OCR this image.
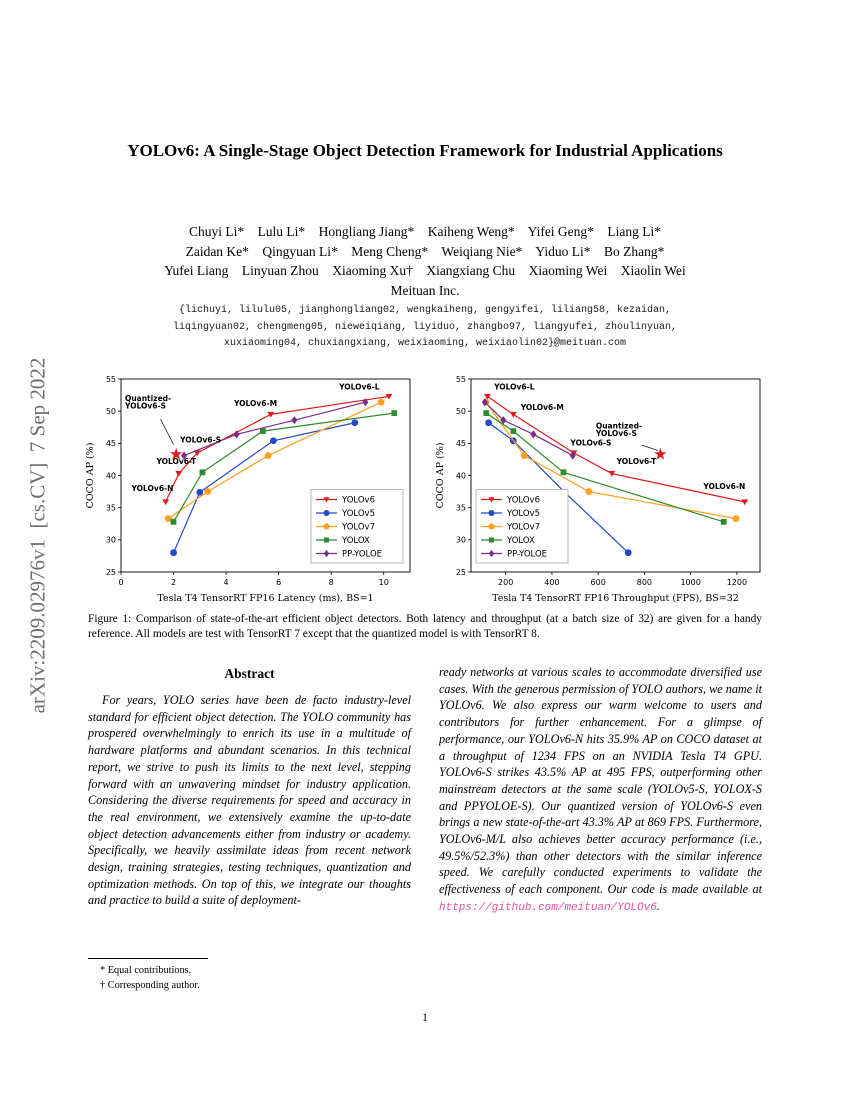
arXiv:2209.02976v1  [cs.CV]  7 Sep 2022
YOLOv6: A Single-Stage Object Detection Framework for Industrial Applications
Chuyi Li*    Lulu Li*    Hongliang Jiang*    Kaiheng Weng*    Yifei Geng*    Liang Li*
Zaidan Ke*    Qingyuan Li*    Meng Cheng*    Weiqiang Nie*    Yiduo Li*    Bo Zhang*
Yufei Liang    Linyuan Zhou    Xiaoming Xu†    Xiangxiang Chu    Xiaoming Wei    Xiaolin Wei
Meituan Inc.
{lichuyi, lilulu05, jianghongliang02, wengkaiheng, gengyifei, liliang58, kezaidan,
liqingyuan02, chengmeng05, nieweiqiang, liyiduo, zhangbo97, liangyufei, zhoulinyuan,
xuxiaoming04, chuxiangxiang, weixiaoming, weixiaolin02}@meituan.com
0	2	4	6	8	10
25
30
35
40
45
50
55
Tesla T4 TensorRT FP16 Latency (ms), BS=1
COCO AP (%)
Quantized-
YOLOv6-S
YOLOv6-N
YOLOv6-T
YOLOv6-S
YOLOv6-M
YOLOv6-L
YOLOv6
YOLOv5
YOLOv7
YOLOX
PP-YOLOE
200	400	600	800	1000	1200
25
30
35
40
45
50
55
Tesla T4 TensorRT FP16 Throughput (FPS), BS=32
COCO AP (%)
YOLOv6-L
YOLOv6-M
YOLOv6-S
Quantized-
YOLOv6-S
YOLOv6-T
YOLOv6-N
YOLOv6
YOLOv5
YOLOv7
YOLOX
PP-YOLOE
Figure 1: Comparison of state-of-the-art efficient object detectors. Both latency and throughput (at a batch size of 32) are given for a handy reference. All models are test with TensorRT 7 except that the quantized model is with TensorRT 8.
Abstract

For years, YOLO series have been de facto industry-level standard for efficient object detection. The YOLO community has prospered overwhelmingly to enrich its use in a multitude of hardware platforms and abundant scenarios. In this technical report, we strive to push its limits to the next level, stepping forward with an unwavering mindset for industry application. Considering the diverse requirements for speed and accuracy in the real environment, we extensively examine the up-to-date object detection advancements either from industry or academy. Specifically, we heavily assimilate ideas from recent network design, training strategies, testing techniques, quantization and optimization methods. On top of this, we integrate our thoughts and practice to build a suite of deployment-

ready networks at various scales to accommodate diversified use cases. With the generous permission of YOLO authors, we name it YOLOv6. We also express our warm welcome to users and contributors for further enhancement. For a glimpse of performance, our YOLOv6-N hits 35.9% AP on COCO dataset at a throughput of 1234 FPS on an NVIDIA Tesla T4 GPU. YOLOv6-S strikes 43.5% AP at 495 FPS, outperforming other mainstream detectors at the same scale (YOLOv5-S, YOLOX-S and PPYOLOE-S). Our quantized version of YOLOv6-S even brings a new state-of-the-art 43.3% AP at 869 FPS. Furthermore, YOLOv6-M/L also achieves better accuracy performance (i.e., 49.5%/52.3%) than other detectors with the similar inference speed. We carefully conducted experiments to validate the effectiveness of each component. Our code is made available at https://github.com/meituan/YOLOv6.

* Equal contributions.
† Corresponding author.
1
